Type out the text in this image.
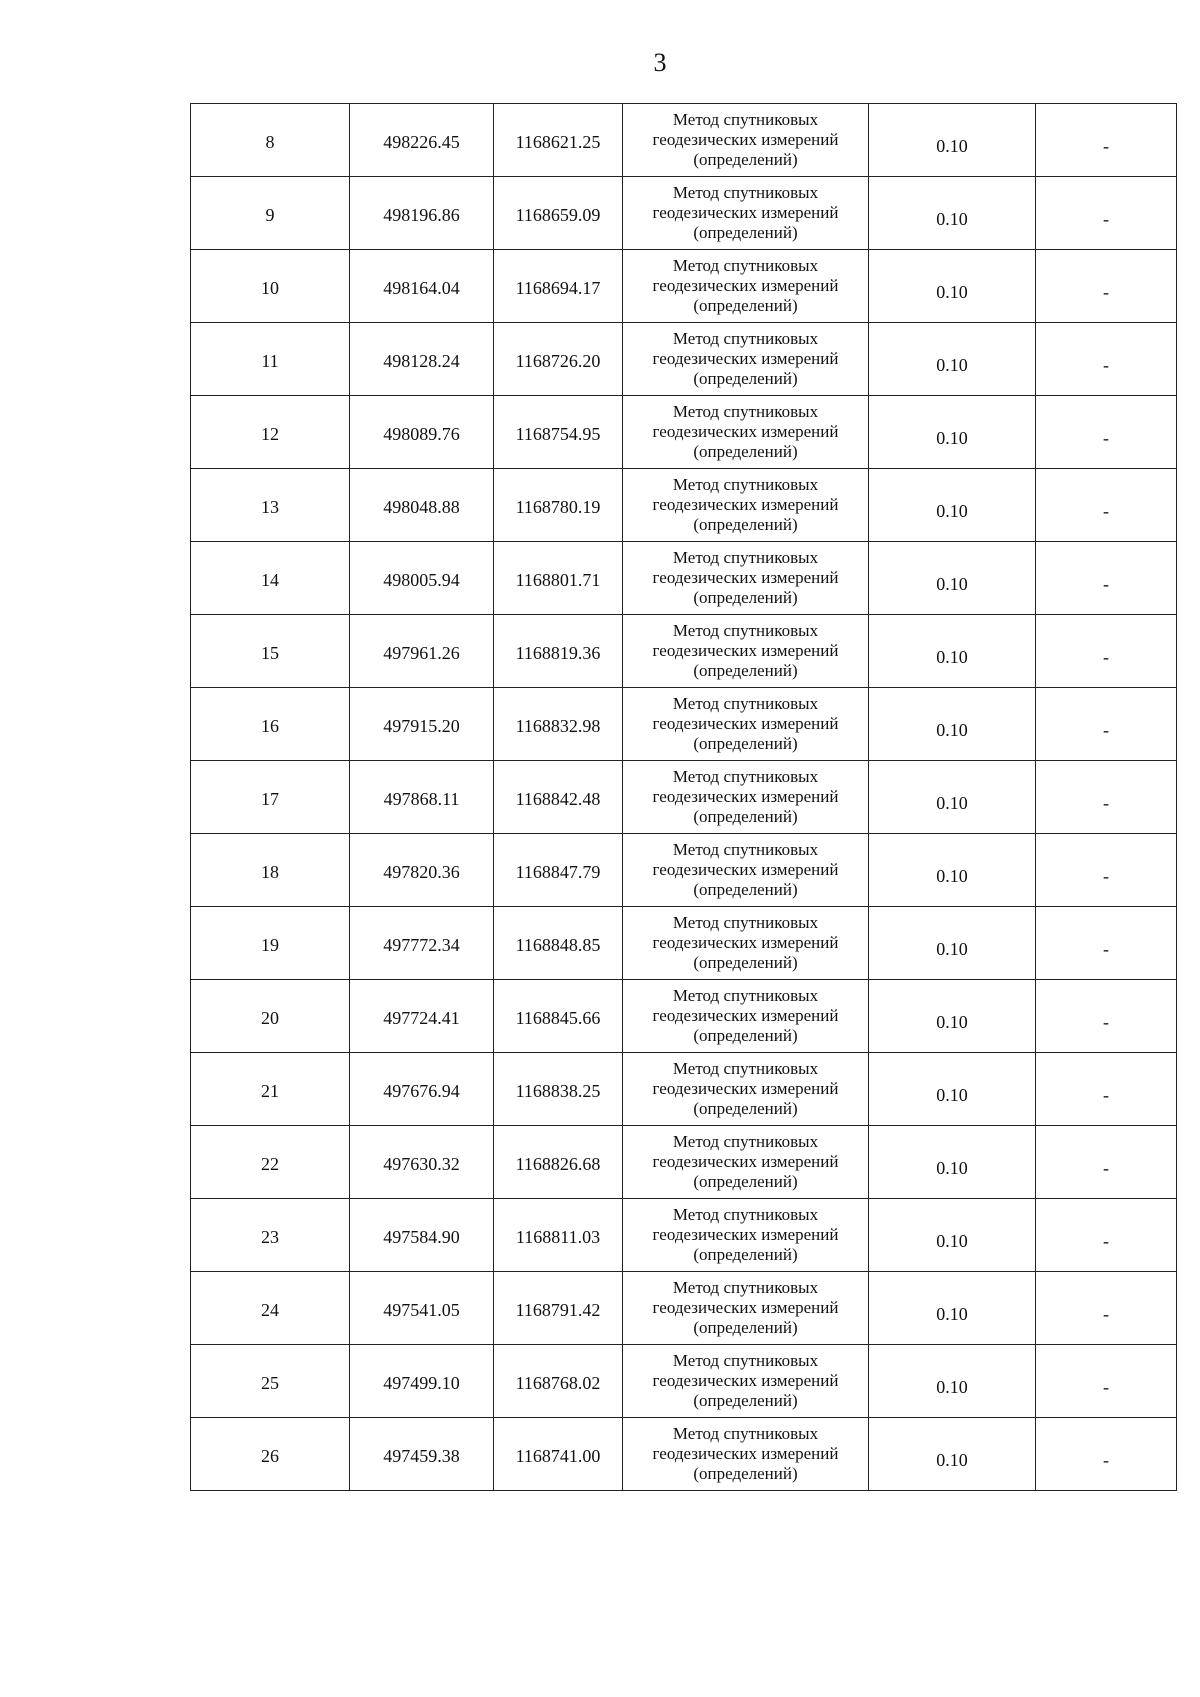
3
8	498226.45	1168621.25	Метод спутниковых
геодезических измерений
(определений)	0.10	-
9	498196.86	1168659.09	Метод спутниковых
геодезических измерений
(определений)	0.10	-
10	498164.04	1168694.17	Метод спутниковых
геодезических измерений
(определений)	0.10	-
11	498128.24	1168726.20	Метод спутниковых
геодезических измерений
(определений)	0.10	-
12	498089.76	1168754.95	Метод спутниковых
геодезических измерений
(определений)	0.10	-
13	498048.88	1168780.19	Метод спутниковых
геодезических измерений
(определений)	0.10	-
14	498005.94	1168801.71	Метод спутниковых
геодезических измерений
(определений)	0.10	-
15	497961.26	1168819.36	Метод спутниковых
геодезических измерений
(определений)	0.10	-
16	497915.20	1168832.98	Метод спутниковых
геодезических измерений
(определений)	0.10	-
17	497868.11	1168842.48	Метод спутниковых
геодезических измерений
(определений)	0.10	-
18	497820.36	1168847.79	Метод спутниковых
геодезических измерений
(определений)	0.10	-
19	497772.34	1168848.85	Метод спутниковых
геодезических измерений
(определений)	0.10	-
20	497724.41	1168845.66	Метод спутниковых
геодезических измерений
(определений)	0.10	-
21	497676.94	1168838.25	Метод спутниковых
геодезических измерений
(определений)	0.10	-
22	497630.32	1168826.68	Метод спутниковых
геодезических измерений
(определений)	0.10	-
23	497584.90	1168811.03	Метод спутниковых
геодезических измерений
(определений)	0.10	-
24	497541.05	1168791.42	Метод спутниковых
геодезических измерений
(определений)	0.10	-
25	497499.10	1168768.02	Метод спутниковых
геодезических измерений
(определений)	0.10	-
26	497459.38	1168741.00	Метод спутниковых
геодезических измерений
(определений)	0.10	-
